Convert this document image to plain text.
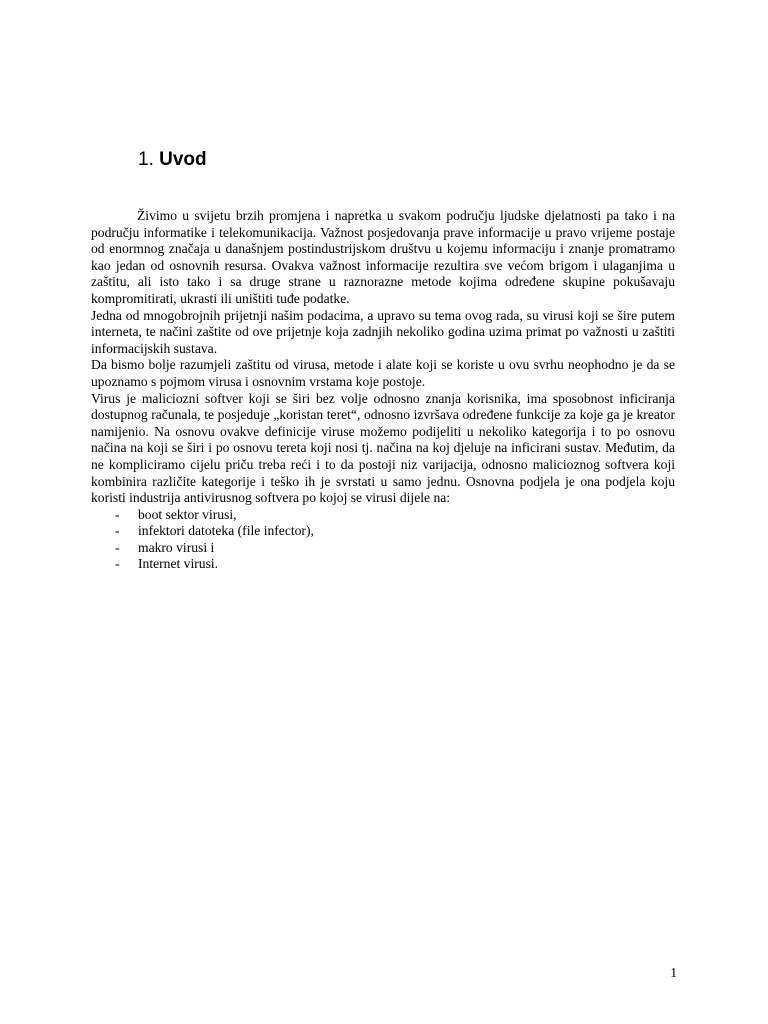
1. Uvod

Živimo u svijetu brzih promjena i napretka u svakom području ljudske djelatnosti pa tako i na području informatike i telekomunikacija. Važnost posjedovanja prave informacije u pravo vrijeme postaje od enormnog značaja u današnjem postindustrijskom društvu u kojemu informaciju i znanje promatramo kao jedan od osnovnih resursa. Ovakva važnost informacije rezultira sve većom brigom i ulaganjima u zaštitu, ali isto tako i sa druge strane u raznorazne metode kojima određene skupine pokušavaju kompromitirati, ukrasti ili uništiti tuđe podatke.

Jedna od mnogobrojnih prijetnji našim podacima, a upravo su tema ovog rada, su virusi koji se šire putem interneta, te načini zaštite od ove prijetnje koja zadnjih nekoliko godina uzima primat po važnosti u zaštiti informacijskih sustava.

Da bismo bolje razumjeli zaštitu od virusa, metode i alate koji se koriste u ovu svrhu neophodno je da se upoznamo s pojmom virusa i osnovnim vrstama koje postoje.

Virus je maliciozni softver koji se širi bez volje odnosno znanja korisnika, ima sposobnost inficiranja dostupnog računala, te posjeduje „koristan teret“, odnosno izvršava određene funkcije za koje ga je kreator namijenio. Na osnovu ovakve definicije viruse možemo podijeliti u nekoliko kategorija i to po osnovu načina na koji se širi i po osnovu tereta koji nosi tj. načina na koj djeluje na inficirani sustav. Međutim, da ne kompliciramo cijelu priču treba reći i to da postoji niz varijacija, odnosno malicioznog softvera koji kombinira različite kategorije i teško ih je svrstati u samo jednu. Osnovna podjela je ona podjela koju koristi industrija antivirusnog softvera po kojoj se virusi dijele na:

- boot sektor virusi,
- infektori datoteka (file infector),
- makro virusi i
- Internet virusi.
1
